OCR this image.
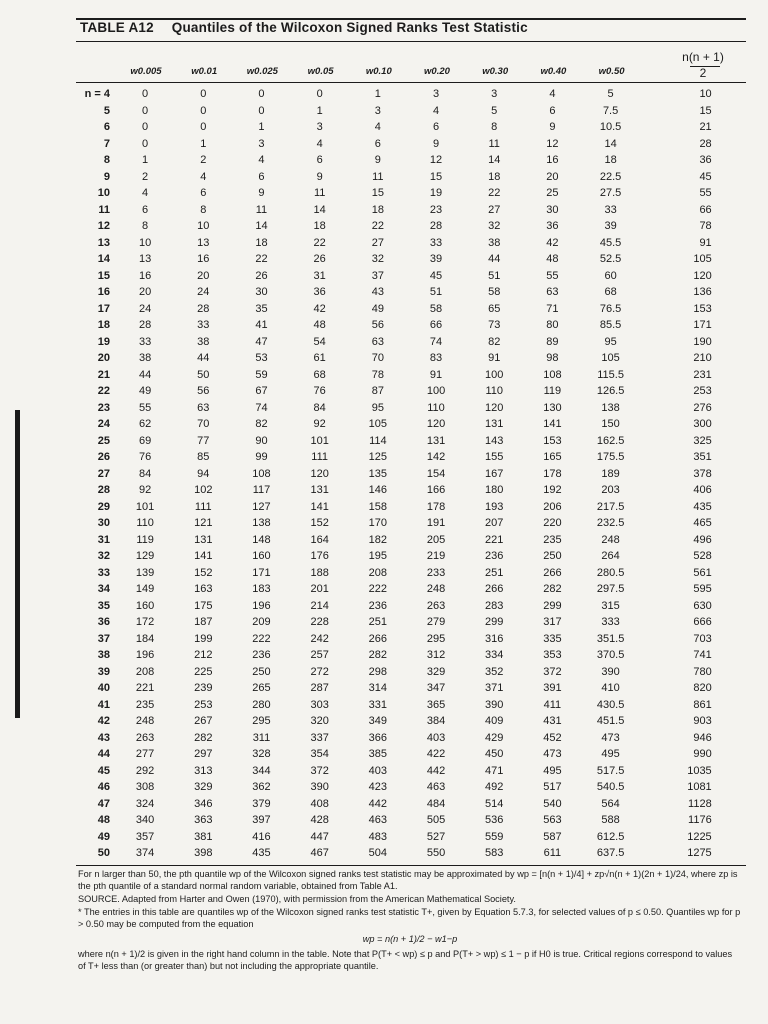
TABLE A12 Quantiles of the Wilcoxon Signed Ranks Test Statistic
w0.005	w0.01	w0.025	w0.05	w0.10	w0.20	w0.30	w0.40	w0.50
n(n + 1)
2
n = 4	0	0	0	0	1	3	3	4	5	10
5	0	0	0	1	3	4	5	6	7.5	15
6	0	0	1	3	4	6	8	9	10.5	21
7	0	1	3	4	6	9	11	12	14	28
8	1	2	4	6	9	12	14	16	18	36
9	2	4	6	9	11	15	18	20	22.5	45
10	4	6	9	11	15	19	22	25	27.5	55
11	6	8	11	14	18	23	27	30	33	66
12	8	10	14	18	22	28	32	36	39	78
13	10	13	18	22	27	33	38	42	45.5	91
14	13	16	22	26	32	39	44	48	52.5	105
15	16	20	26	31	37	45	51	55	60	120
16	20	24	30	36	43	51	58	63	68	136
17	24	28	35	42	49	58	65	71	76.5	153
18	28	33	41	48	56	66	73	80	85.5	171
19	33	38	47	54	63	74	82	89	95	190
20	38	44	53	61	70	83	91	98	105	210
21	44	50	59	68	78	91	100	108	115.5	231
22	49	56	67	76	87	100	110	119	126.5	253
23	55	63	74	84	95	110	120	130	138	276
24	62	70	82	92	105	120	131	141	150	300
25	69	77	90	101	114	131	143	153	162.5	325
26	76	85	99	111	125	142	155	165	175.5	351
27	84	94	108	120	135	154	167	178	189	378
28	92	102	117	131	146	166	180	192	203	406
29	101	111	127	141	158	178	193	206	217.5	435
30	110	121	138	152	170	191	207	220	232.5	465
31	119	131	148	164	182	205	221	235	248	496
32	129	141	160	176	195	219	236	250	264	528
33	139	152	171	188	208	233	251	266	280.5	561
34	149	163	183	201	222	248	266	282	297.5	595
35	160	175	196	214	236	263	283	299	315	630
36	172	187	209	228	251	279	299	317	333	666
37	184	199	222	242	266	295	316	335	351.5	703
38	196	212	236	257	282	312	334	353	370.5	741
39	208	225	250	272	298	329	352	372	390	780
40	221	239	265	287	314	347	371	391	410	820
41	235	253	280	303	331	365	390	411	430.5	861
42	248	267	295	320	349	384	409	431	451.5	903
43	263	282	311	337	366	403	429	452	473	946
44	277	297	328	354	385	422	450	473	495	990
45	292	313	344	372	403	442	471	495	517.5	1035
46	308	329	362	390	423	463	492	517	540.5	1081
47	324	346	379	408	442	484	514	540	564	1128
48	340	363	397	428	463	505	536	563	588	1176
49	357	381	416	447	483	527	559	587	612.5	1225
50	374	398	435	467	504	550	583	611	637.5	1275

For n larger than 50, the pth quantile wp of the Wilcoxon signed ranks test statistic may be approximated by wp = [n(n + 1)/4] + zp√n(n + 1)(2n + 1)/24, where zp is the pth quantile of a standard normal random variable, obtained from Table A1.

SOURCE. Adapted from Harter and Owen (1970), with permission from the American Mathematical Society.

* The entries in this table are quantiles wp of the Wilcoxon signed ranks test statistic T+, given by Equation 5.7.3, for selected values of p ≤ 0.50. Quantiles wp for p > 0.50 may be computed from the equation

wp = n(n + 1)/2 − w1−p

where n(n + 1)/2 is given in the right hand column in the table. Note that P(T+ < wp) ≤ p and P(T+ > wp) ≤ 1 − p if H0 is true. Critical regions correspond to values of T+ less than (or greater than) but not including the appropriate quantile.
